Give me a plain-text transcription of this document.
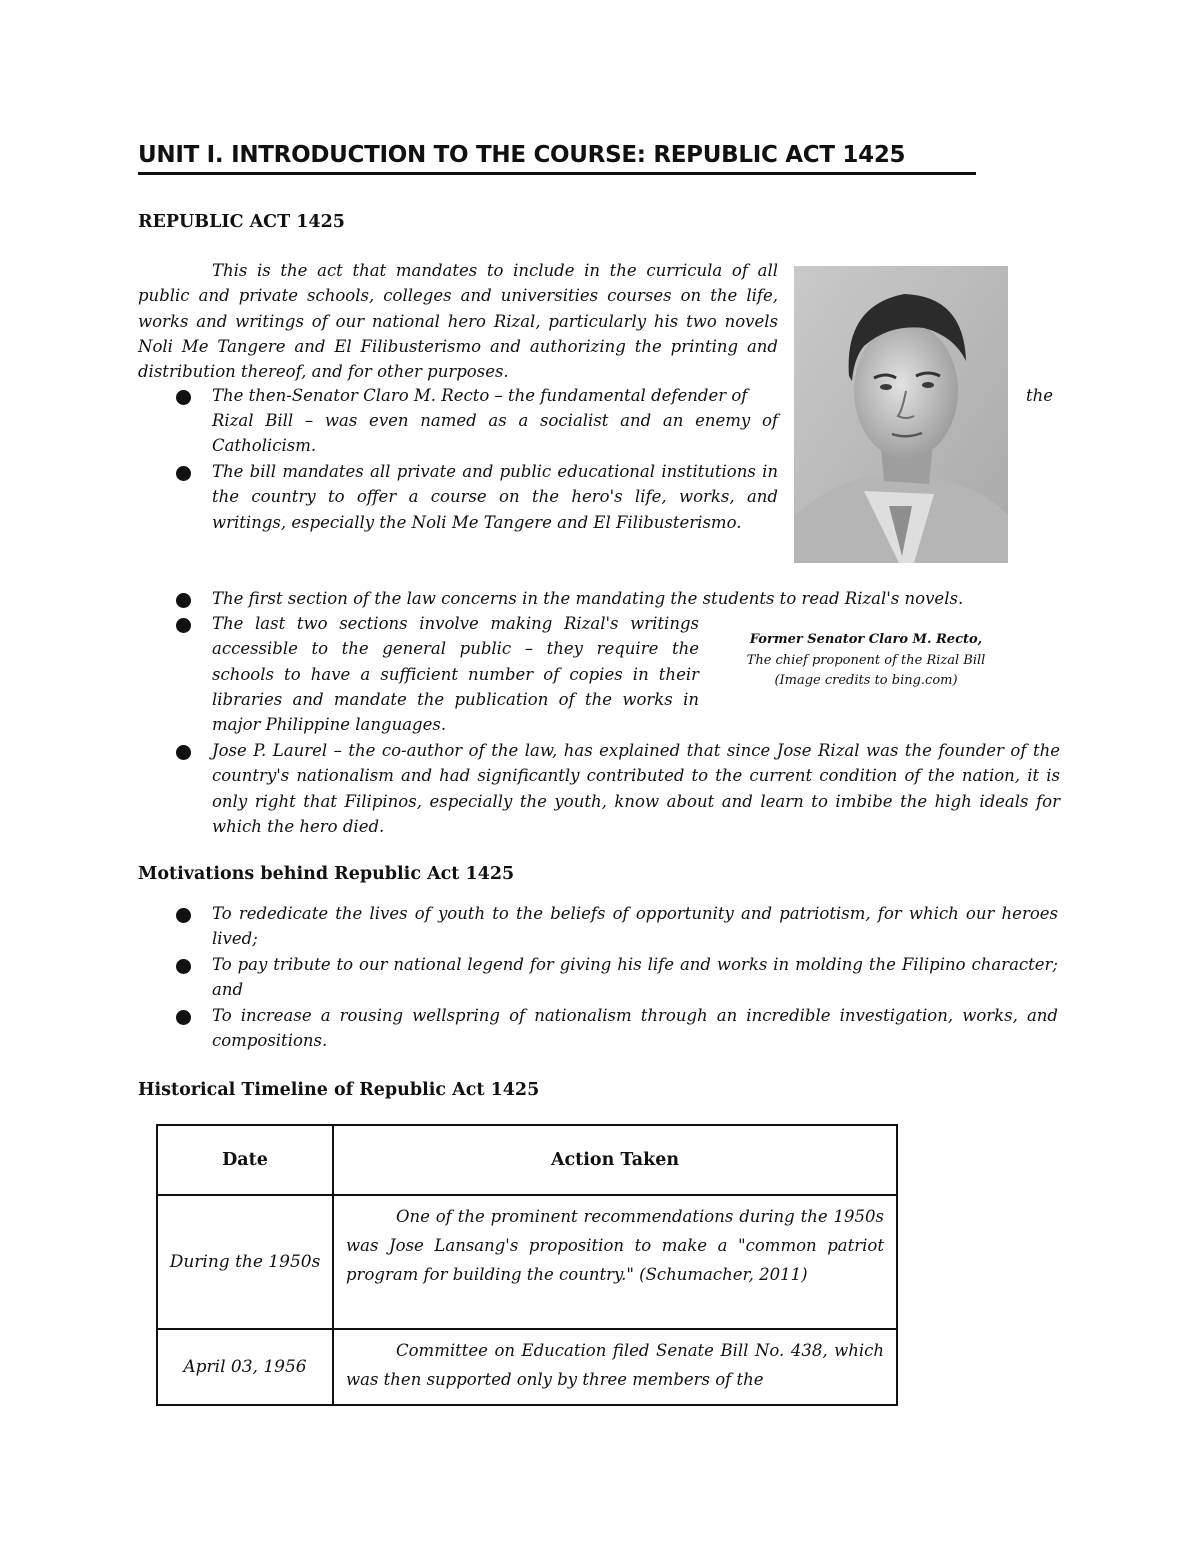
UNIT I. INTRODUCTION TO THE COURSE: REPUBLIC ACT 1425
REPUBLIC ACT 1425

This is the act that mandates to include in the curricula of all public and private schools, colleges and universities courses on the life, works and writings of our national hero Rizal, particularly his two novels Noli Me Tangere and El Filibusterismo and authorizing the printing and distribution thereof, and for other purposes.

The then-Senator Claro M. Recto – the fundamental defender of	the

Rizal Bill – was even named as a socialist and an enemy of Catholicism.

The bill mandates all private and public educational institutions in the country to offer a course on the hero's life, works, and writings, especially the Noli Me Tangere and El Filibusterismo.

The first section of the law concerns in the mandating the students to read Rizal's novels.

The last two sections involve making Rizal's writings accessible to the general public – they require the schools to have a sufficient number of copies in their libraries and mandate the publication of the works in major Philippine languages.

Former Senator Claro M. Recto,
The chief proponent of the Rizal Bill
(Image credits to bing.com)

Jose P. Laurel – the co-author of the law, has explained that since Jose Rizal was the founder of the country's nationalism and had significantly contributed to the current condition of the nation, it is only right that Filipinos, especially the youth, know about and learn to imbibe the high ideals for which the hero died.

Motivations behind Republic Act 1425

To rededicate the lives of youth to the beliefs of opportunity and patriotism, for which our heroes lived;

To pay tribute to our national legend for giving his life and works in molding the Filipino character; and

To increase a rousing wellspring of nationalism through an incredible investigation, works, and compositions.

Historical Timeline of Republic Act 1425
Date	Action Taken
During the 1950s	One of the prominent recommendations during the 1950s was Jose Lansang's proposition to make a "common patriot program for building the country." (Schumacher, 2011)
April 03, 1956	Committee on Education filed Senate Bill No. 438, which was then supported only by three members of the
